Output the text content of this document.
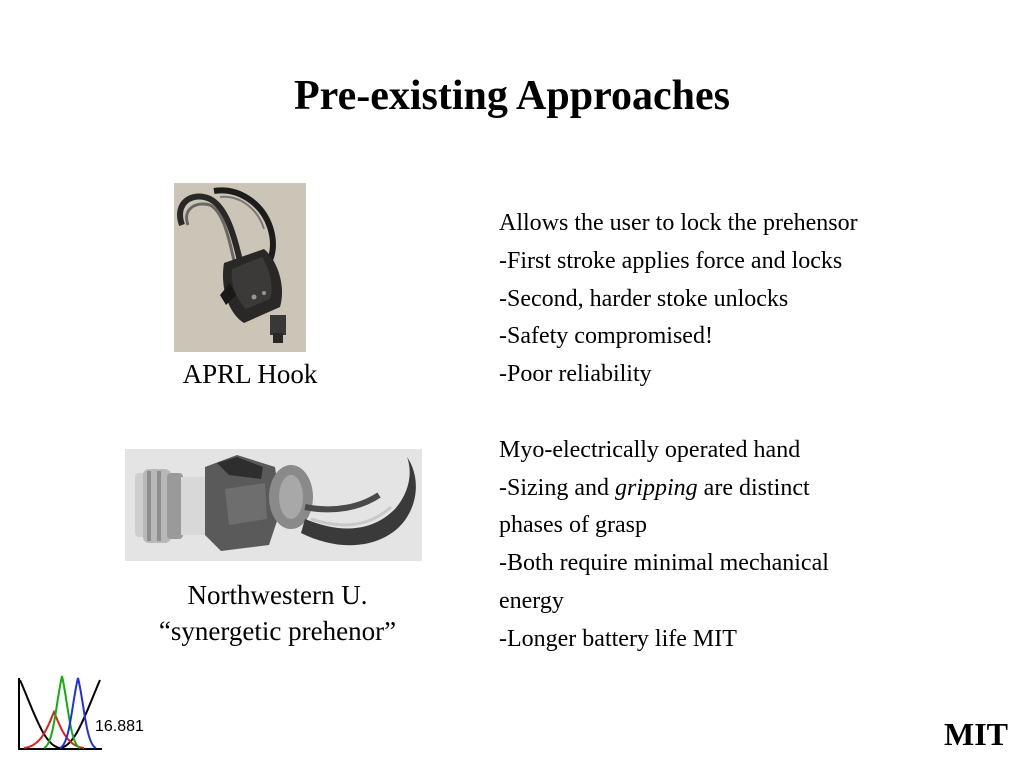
Pre-existing Approaches
APRL Hook
Northwestern U.
“synergetic prehenor”
Allows the user to lock the prehensor
-First stroke applies force and locks
-Second, harder stoke unlocks
-Safety compromised!
-Poor reliability
Myo-electrically operated hand
-Sizing and gripping are distinct
phases of grasp
-Both require minimal mechanical
energy
-Longer battery life MIT
16.881	MIT
